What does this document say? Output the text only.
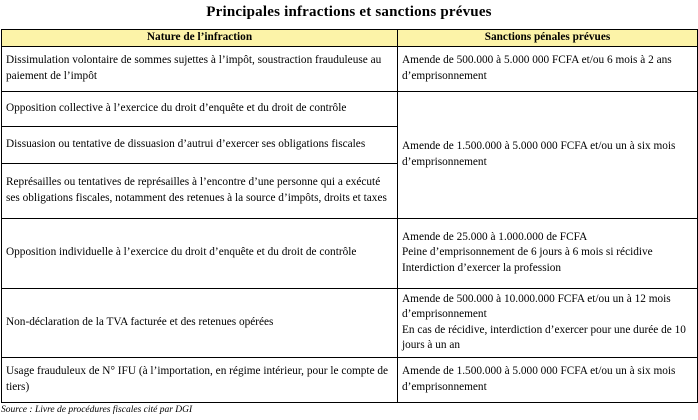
Principales infractions et sanctions prévues
Nature de l’infraction	Sanctions pénales prévues
Dissimulation volontaire de sommes sujettes à l’impôt, soustraction frauduleuse au paiement de l’impôt	Amende de 500.000 à 5.000 000 FCFA et/ou 6 mois à 2 ans d’emprisonnement

Opposition collective à l’exercice du droit d’enquête et du droit de contrôle	Amende de 1.500.000 à 5.000 000 FCFA et/ou un à six mois d’emprisonnement

Dissuasion ou tentative de dissuasion d’autrui d’exercer ses obligations fiscales	
Représailles ou tentatives de représailles à l’encontre d’une personne qui a exécuté ses obligations fiscales, notamment des retenues à la source d’impôts, droits et taxes	
Opposition individuelle à l’exercice du droit d’enquête et du droit de contrôle	Amende de 25.000 à 1.000.000 de FCFA
Peine d’emprisonnement de 6 jours à 6 mois si récidive
Interdiction d’exercer la profession

Non-déclaration de la TVA facturée et des retenues opérées	Amende de 500.000 à 10.000.000 FCFA et/ou un à 12 mois d’emprisonnement
En cas de récidive, interdiction d’exercer pour une durée de 10 jours à un an

Usage frauduleux de N° IFU (à l’importation, en régime intérieur, pour le compte de tiers)	Amende de 1.500.000 à 5.000 000 FCFA et/ou un à six mois d’emprisonnement
Source : Livre de procédures fiscales cité par DGI
